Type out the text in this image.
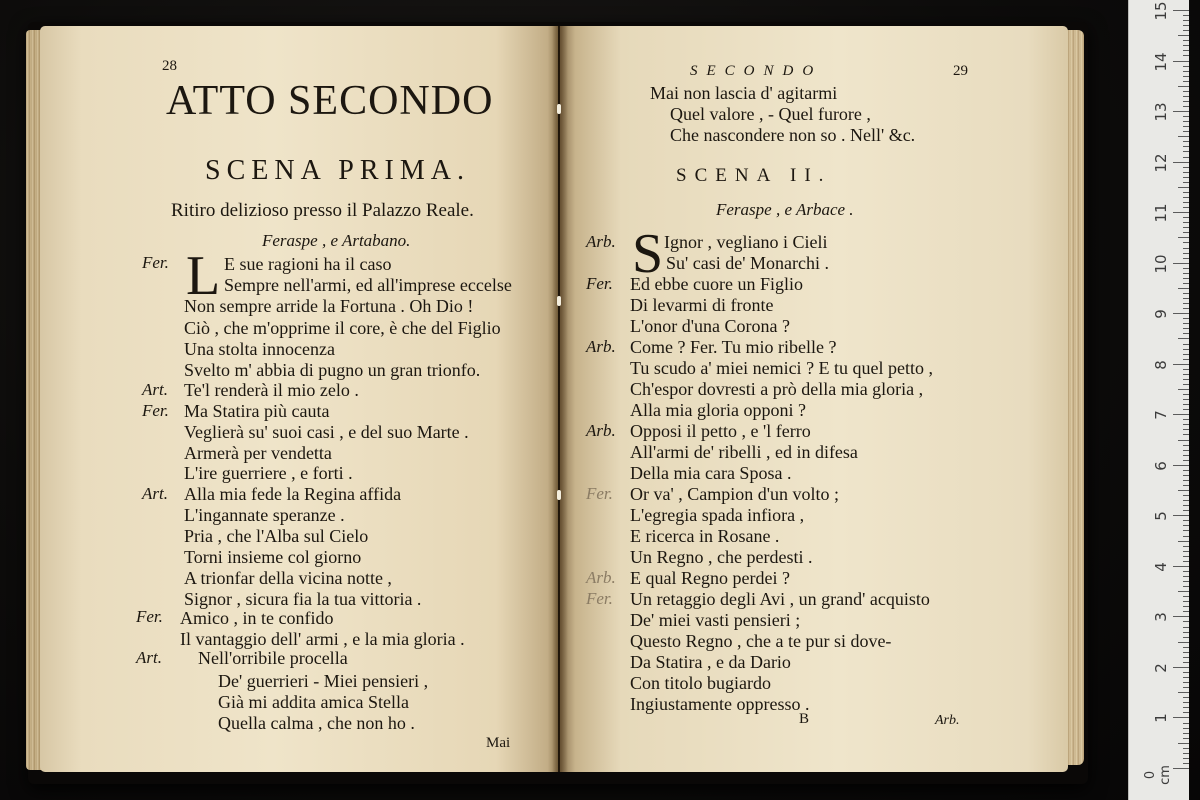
28
ATTO SECONDO
SCENA PRIMA.
Ritiro delizioso presso il Palazzo Reale.
Feraspe , e Artabano.
L
Fer.	E sue ragioni ha il caso
Sempre nell'armi, ed all'imprese eccelse
Non sempre arride la Fortuna . Oh Dio !
Ciò , che m'opprime il core, è che del Figlio
Una stolta innocenza
Svelto m' abbia di pugno un gran trionfo.
Art. Te'l renderà il mio zelo .
Fer. Ma Statira più cauta
Veglierà su' suoi casi , e del suo Marte .
Armerà per vendetta
L'ire guerriere , e forti .
Art. Alla mia fede la Regina affida
L'ingannate speranze .
Pria , che l'Alba sul Cielo
Torni insieme col giorno
A trionfar della vicina notte ,
Signor , sicura fia la tua vittoria .
Fer. Amico , in te confido
Il vantaggio dell' armi , e la mia gloria .
Art. Nell'orribile procella
De' guerrieri - Miei pensieri ,
Già mi addita amica Stella
Quella calma , che non ho .
Mai
SECONDO	29
Mai non lascia d' agitarmi
Quel valore , - Quel furore ,
Che nascondere non so . Nell' &c.
SCENA II.
Feraspe , e Arbace .
S
Arb.	Ignor , vegliano i Cieli
Su' casi de' Monarchi .
Fer. Ed ebbe cuore un Figlio
Di levarmi di fronte
L'onor d'una Corona ?
Arb. Come ? Fer. Tu mio ribelle ?
Tu scudo a' miei nemici ? E tu quel petto ,
Ch'espor dovresti a prò della mia gloria ,
Alla mia gloria opponi ?
Arb. Opposi il petto , e 'l ferro
All'armi de' ribelli , ed in difesa
Della mia cara Sposa .
Fer. Or va' , Campion d'un volto ;
L'egregia spada infiora ,
E ricerca in Rosane .
Un Regno , che perdesti .
Arb. E qual Regno perdei ?
Fer. Un retaggio degli Avi , un grand' acquisto
De' miei vasti pensieri ;
Questo Regno , che a te pur si dove-
Da Statira , e da Dario
Con titolo bugiardo
Ingiustamente oppresso .
B	Arb.
0 cm
15
14
13
12
11
10
9
8
7
6
5
4
3
2
1
